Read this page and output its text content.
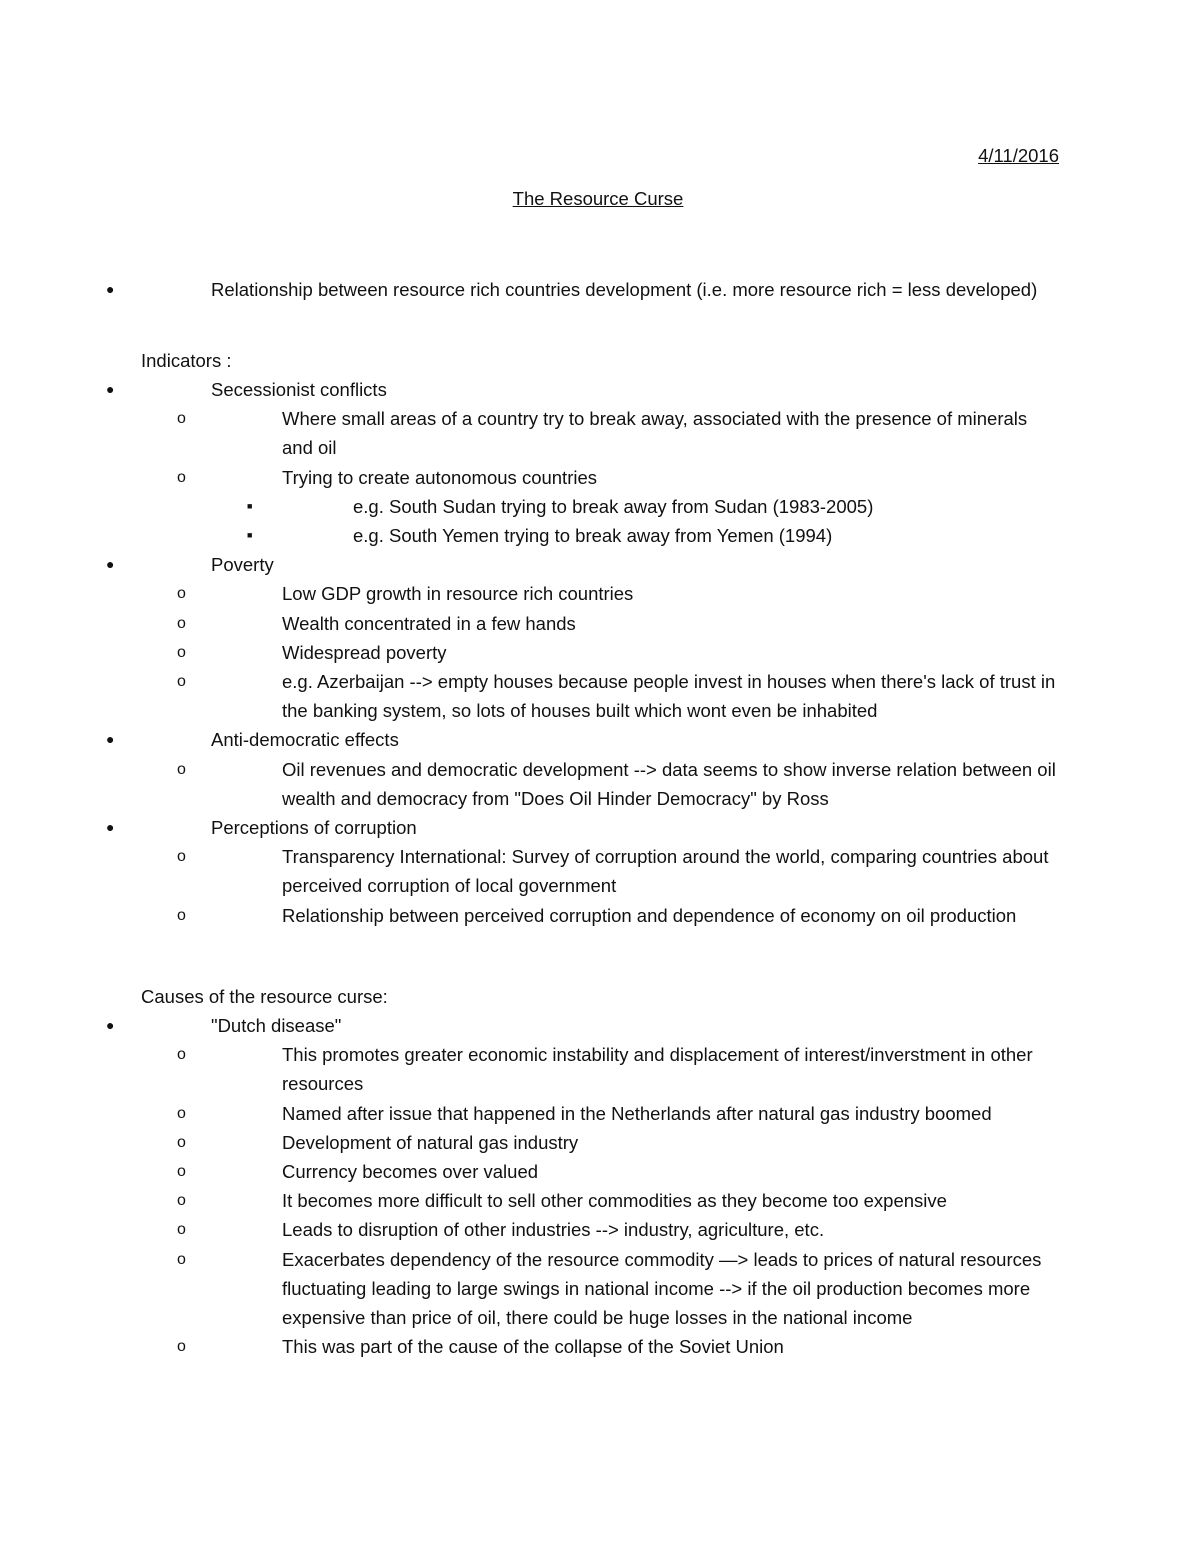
4/11/2016
The Resource Curse
●	Relationship between resource rich countries development (i.e. more resource rich = less developed)
Indicators :
●	Secessionist conflicts
o	Where small areas of a country try to break away, associated with the presence of minerals and oil
o	Trying to create autonomous countries
■	e.g. South Sudan trying to break away from Sudan (1983-2005)
■	e.g. South Yemen trying to break away from Yemen (1994)
●	Poverty
o	Low GDP growth in resource rich countries
o	Wealth concentrated in a few hands
o	Widespread poverty
o	e.g. Azerbaijan --> empty houses because people invest in houses when there's lack of trust in the banking system, so lots of houses built which wont even be inhabited
●	Anti-democratic effects
o	Oil revenues and democratic development --> data seems to show inverse relation between oil wealth and democracy from "Does Oil Hinder Democracy" by Ross
●	Perceptions of corruption
o	Transparency International: Survey of corruption around the world, comparing countries about perceived corruption of local government
o	Relationship between perceived corruption and dependence of economy on oil production
Causes of the resource curse:
●	"Dutch disease"
o	This promotes greater economic instability and displacement of interest/inverstment in other resources
o	Named after issue that happened in the Netherlands after natural gas industry boomed
o	Development of natural gas industry
o	Currency becomes over valued
o	It becomes more difficult to sell other commodities as they become too expensive
o	Leads to disruption of other industries --> industry, agriculture, etc.
o	Exacerbates dependency of the resource commodity —> leads to prices of natural resources fluctuating leading to large swings in national income --> if the oil production becomes more expensive than price of oil, there could be huge losses in the national income
o	This was part of the cause of the collapse of the Soviet Union
